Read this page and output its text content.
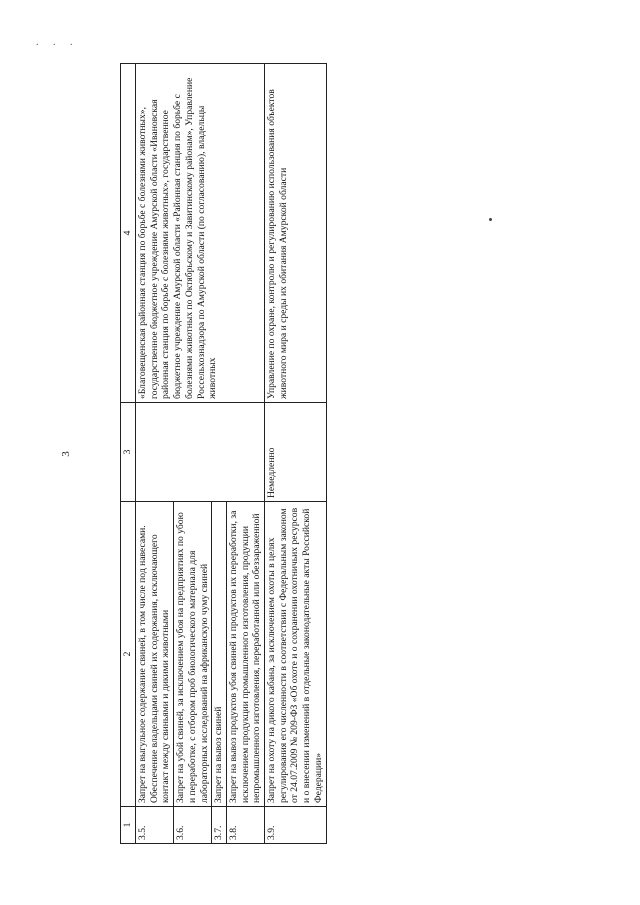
. . .
3
1	2	3	4
3.5.	Запрет на выгульное содержание свиней, в том числе под навесами. Обеспечение владельцами свиней их содержания, исключающего контакт между свиньями и дикими животными		«Благовещенская районная станция по борьбе с болезнями животных», государственное бюджетное учреждение Амурской области «Ивановская районная станция по борьбе с болезнями животных», государственное бюджетное учреждение Амурской области «Районная станция по борьбе с болезнями животных по Октябрьскому и Завитинскому районам», Управление Россельхознадзора по Амурской области (по согласованию), владельцы животных
3.6.	Запрет на убой свиней, за исключением убоя на предприятиях по убою и переработке, с отбором проб биологического материала для лабораторных исследований на африканскую чуму свиней		
3.7.	Запрет на вывоз свиней		
3.8.	Запрет на вывоз продуктов убоя свиней и продуктов их переработки, за исключением продукции промышленного изготовления, продукции непромышленного изготовления, переработанной или обеззараженной		
3.9.	Запрет на охоту на дикого кабана, за исключением охоты в целях регулирования его численности в соответствии с Федеральным законом от 24.07.2009 № 209-ФЗ «Об охоте и о сохранении охотничьих ресурсов и о внесении изменений в отдельные законодательные акты Российской Федерации»	Немедленно	Управление по охране, контролю и регулированию использования объектов животного мира и среды их обитания Амурской области
